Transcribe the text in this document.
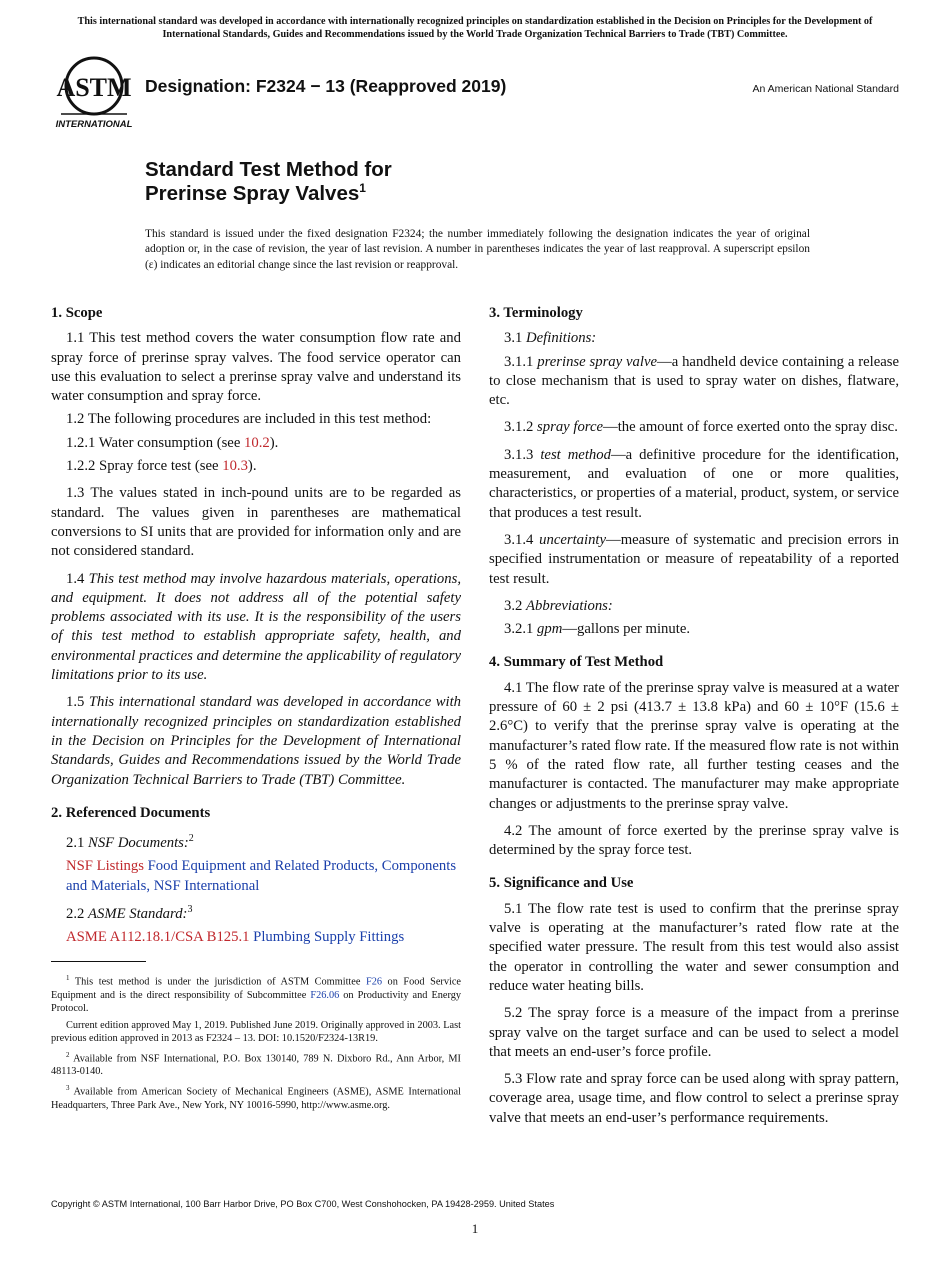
This international standard was developed in accordance with internationally recognized principles on standardization established in the Decision on Principles for the Development of International Standards, Guides and Recommendations issued by the World Trade Organization Technical Barriers to Trade (TBT) Committee.
ASTM
INTERNATIONAL
Designation: F2324 − 13 (Reapproved 2019)	An American National Standard
Standard Test Method for
Prerinse Spray Valves$^1$
This standard is issued under the fixed designation F2324; the number immediately following the designation indicates the year of original adoption or, in the case of revision, the year of last revision. A number in parentheses indicates the year of last reapproval. A superscript epsilon (ε) indicates an editorial change since the last revision or reapproval.
1. Scope

1.1 This test method covers the water consumption flow rate and spray force of prerinse spray valves. The food service operator can use this evaluation to select a prerinse spray valve and understand its water consumption and spray force.

1.2 The following procedures are included in this test method:

1.2.1 Water consumption (see 10.2).

1.2.2 Spray force test (see 10.3).

1.3 The values stated in inch-pound units are to be regarded as standard. The values given in parentheses are mathematical conversions to SI units that are provided for information only and are not considered standard.

1.4 This test method may involve hazardous materials, operations, and equipment. It does not address all of the potential safety problems associated with its use. It is the responsibility of the users of this test method to establish appropriate safety, health, and environmental practices and determine the applicability of regulatory limitations prior to its use.

1.5 This international standard was developed in accordance with internationally recognized principles on standardization established in the Decision on Principles for the Development of International Standards, Guides and Recommendations issued by the World Trade Organization Technical Barriers to Trade (TBT) Committee.

2. Referenced Documents

2.1 NSF Documents:$^2$

NSF Listings Food Equipment and Related Products, Components and Materials, NSF International

2.2 ASME Standard:$^3$

ASME A112.18.1/CSA B125.1 Plumbing Supply Fittings

$^1$ This test method is under the jurisdiction of ASTM Committee F26 on Food Service Equipment and is the direct responsibility of Subcommittee F26.06 on Productivity and Energy Protocol.

Current edition approved May 1, 2019. Published June 2019. Originally approved in 2003. Last previous edition approved in 2013 as F2324 – 13. DOI: 10.1520/F2324-13R19.

$^2$ Available from NSF International, P.O. Box 130140, 789 N. Dixboro Rd., Ann Arbor, MI 48113-0140.

$^3$ Available from American Society of Mechanical Engineers (ASME), ASME International Headquarters, Three Park Ave., New York, NY 10016-5990, http://www.asme.org.

3. Terminology

3.1 Definitions:

3.1.1 prerinse spray valve—a handheld device containing a release to close mechanism that is used to spray water on dishes, flatware, etc.

3.1.2 spray force—the amount of force exerted onto the spray disc.

3.1.3 test method—a definitive procedure for the identification, measurement, and evaluation of one or more qualities, characteristics, or properties of a material, product, system, or service that produces a test result.

3.1.4 uncertainty—measure of systematic and precision errors in specified instrumentation or measure of repeatability of a reported test result.

3.2 Abbreviations:

3.2.1 gpm—gallons per minute.

4. Summary of Test Method

4.1 The flow rate of the prerinse spray valve is measured at a water pressure of 60 ± 2 psi (413.7 ± 13.8 kPa) and 60 ± 10°F (15.6 ± 2.6°C) to verify that the prerinse spray valve is operating at the manufacturer’s rated flow rate. If the measured flow rate is not within 5 % of the rated flow rate, all further testing ceases and the manufacturer is contacted. The manufacturer may make appropriate changes or adjustments to the prerinse spray valve.

4.2 The amount of force exerted by the prerinse spray valve is determined by the spray force test.

5. Significance and Use

5.1 The flow rate test is used to confirm that the prerinse spray valve is operating at the manufacturer’s rated flow rate at the specified water pressure. The result from this test would also assist the operator in controlling the water and sewer consumption and reduce water heating bills.

5.2 The spray force is a measure of the impact from a prerinse spray valve on the target surface and can be used to select a model that meets an end-user’s force profile.

5.3 Flow rate and spray force can be used along with spray pattern, coverage area, usage time, and flow control to select a prerinse spray valve that meets an end-user’s performance requirements.

Copyright © ASTM International, 100 Barr Harbor Drive, PO Box C700, West Conshohocken, PA 19428-2959. United States
1
